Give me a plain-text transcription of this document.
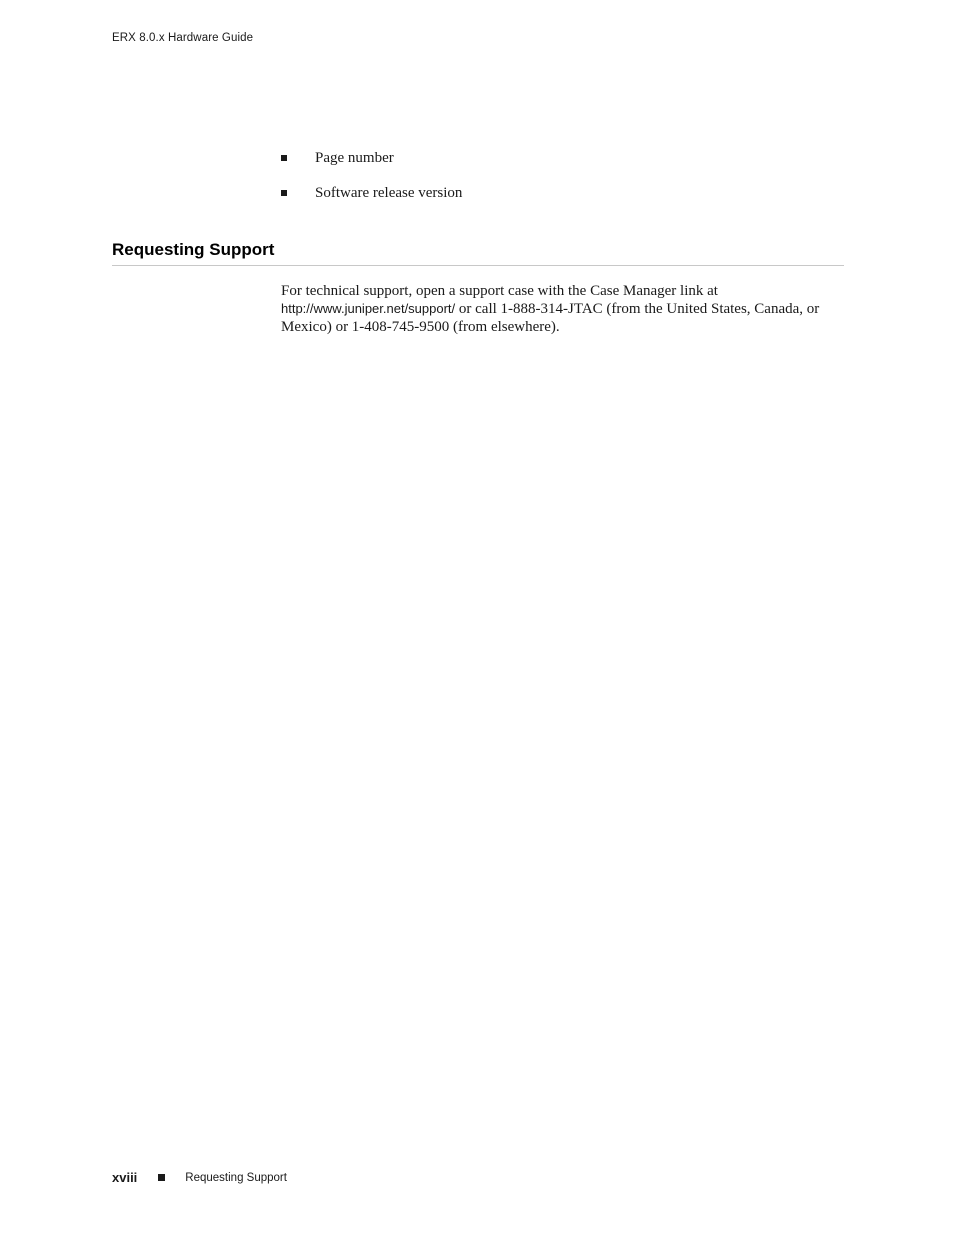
ERX 8.0.x Hardware Guide
Page number
Software release version
Requesting Support

For technical support, open a support case with the Case Manager link at http://www.juniper.net/support/ or call 1-888-314-JTAC (from the United States, Canada, or Mexico) or 1-408-745-9500 (from elsewhere).

xviii	Requesting Support
